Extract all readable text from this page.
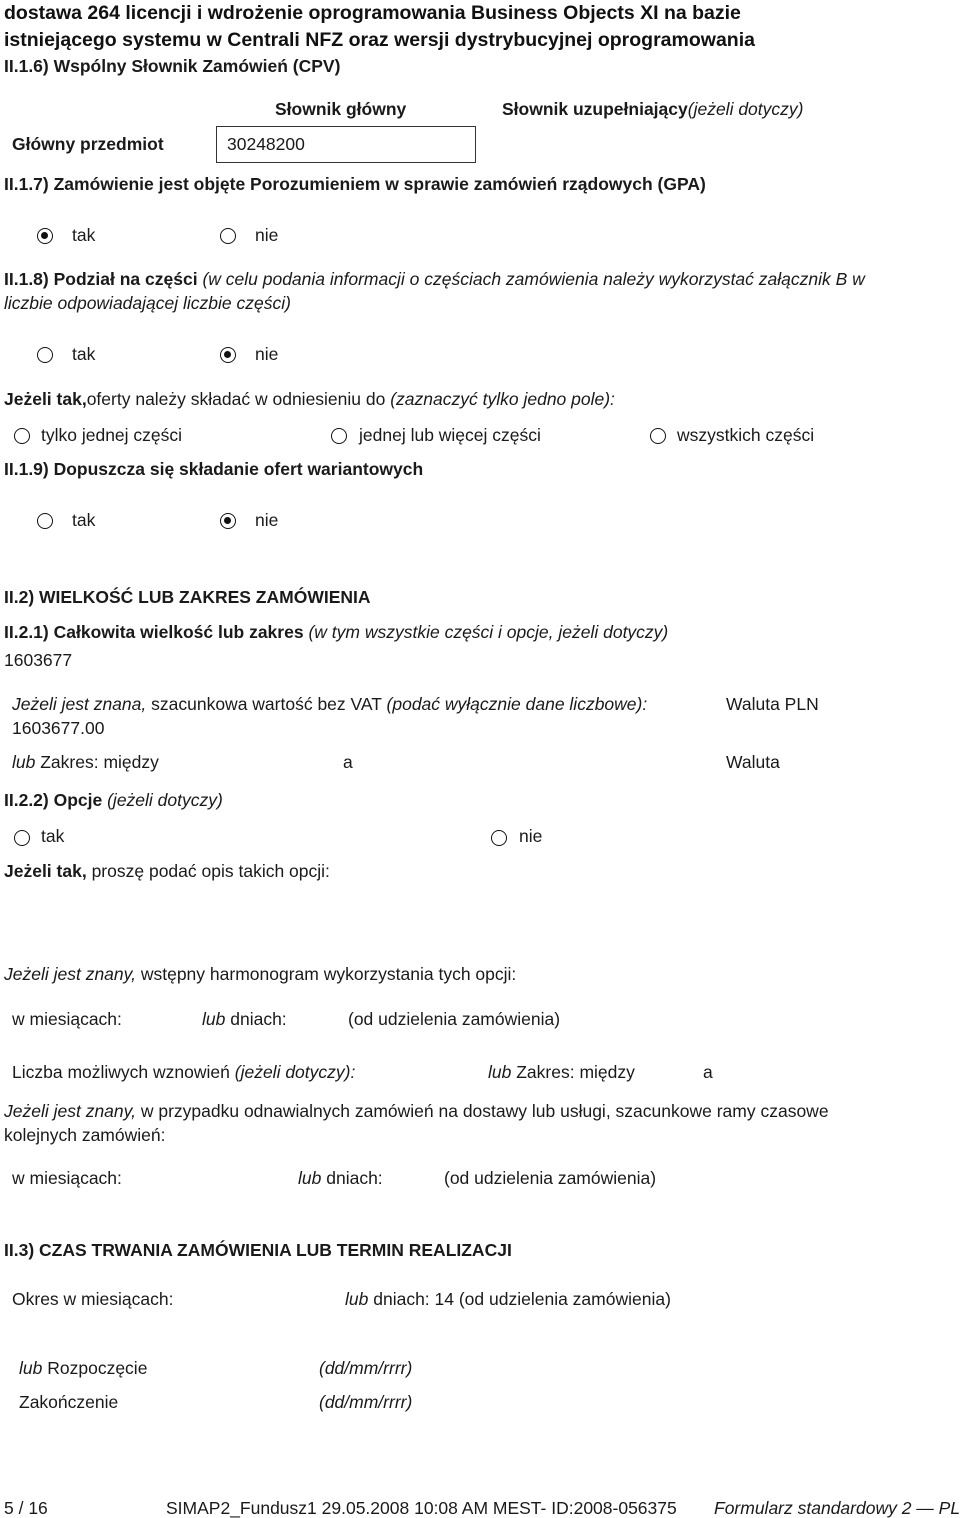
dostawa 264 licencji i wdrożenie oprogramowania Business Objects XI na bazie
istniejącego systemu w Centrali NFZ oraz wersji dystrybucyjnej oprogramowania
II.1.6) Wspólny Słownik Zamówień (CPV)
Słownik główny	Słownik uzupełniający(jeżeli dotyczy)
Główny przedmiot	30248200
II.1.7) Zamówienie jest objęte Porozumieniem w sprawie zamówień rządowych (GPA)
tak	nie
II.1.8) Podział na części (w celu podania informacji o częściach zamówienia należy wykorzystać załącznik B w
liczbie odpowiadającej liczbie części)
tak	nie
Jeżeli tak,oferty należy składać w odniesieniu do (zaznaczyć tylko jedno pole):
tylko jednej części	jednej lub więcej części	wszystkich części
II.1.9) Dopuszcza się składanie ofert wariantowych
tak	nie
II.2) WIELKOŚĆ LUB ZAKRES ZAMÓWIENIA
II.2.1) Całkowita wielkość lub zakres (w tym wszystkie części i opcje, jeżeli dotyczy)
1603677
Jeżeli jest znana, szacunkowa wartość bez VAT (podać wyłącznie dane liczbowe):	Waluta PLN
1603677.00
lub Zakres: między	a	Waluta
II.2.2) Opcje (jeżeli dotyczy)
tak	nie
Jeżeli tak, proszę podać opis takich opcji:
Jeżeli jest znany, wstępny harmonogram wykorzystania tych opcji:
w miesiącach:	lub dniach:	(od udzielenia zamówienia)
Liczba możliwych wznowień (jeżeli dotyczy):	lub Zakres: między	a
Jeżeli jest znany, w przypadku odnawialnych zamówień na dostawy lub usługi, szacunkowe ramy czasowe
kolejnych zamówień:
w miesiącach:	lub dniach:	(od udzielenia zamówienia)
II.3) CZAS TRWANIA ZAMÓWIENIA LUB TERMIN REALIZACJI
Okres w miesiącach:	lub dniach: 14 (od udzielenia zamówienia)
lub Rozpoczęcie	(dd/mm/rrrr)
Zakończenie	(dd/mm/rrrr)
5 / 16	SIMAP2_Fundusz1 29.05.2008 10:08 AM MEST- ID:2008-056375 Formularz standardowy 2 — PL
